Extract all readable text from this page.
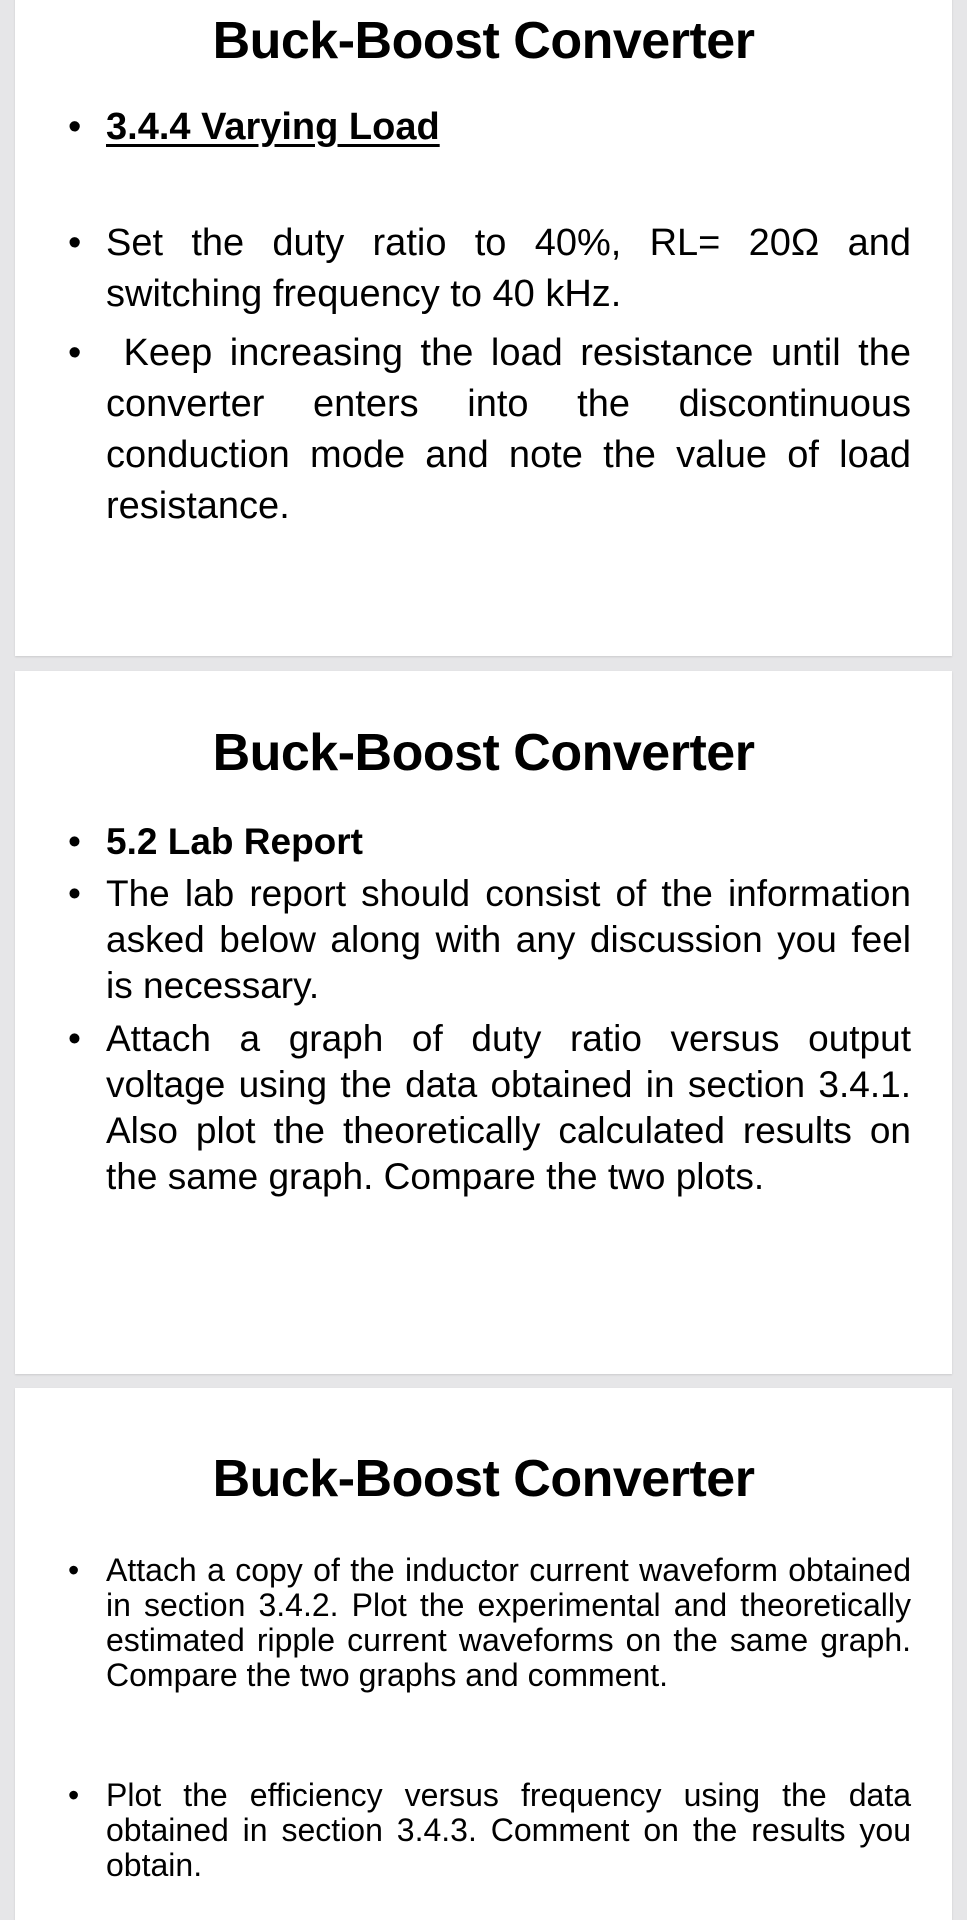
Buck-Boost Converter
• 3.4.4 Varying Load
• Set the duty ratio to 40%, RL= 20Ω and switching frequency to 40 kHz.
• Keep increasing the load resistance until the converter enters into the discontinuous conduction mode and note the value of load resistance.
Buck-Boost Converter
• 5.2 Lab Report
• The lab report should consist of the information asked below along with any discussion you feel is necessary.
• Attach a graph of duty ratio versus output voltage using the data obtained in section 3.4.1. Also plot the theoretically calculated results on the same graph. Compare the two plots.
Buck-Boost Converter
• Attach a copy of the inductor current waveform obtained in section 3.4.2. Plot the experimental and theoretically estimated ripple current waveforms on the same graph. Compare the two graphs and comment.
• Plot the efficiency versus frequency using the data obtained in section 3.4.3. Comment on the results you obtain.
